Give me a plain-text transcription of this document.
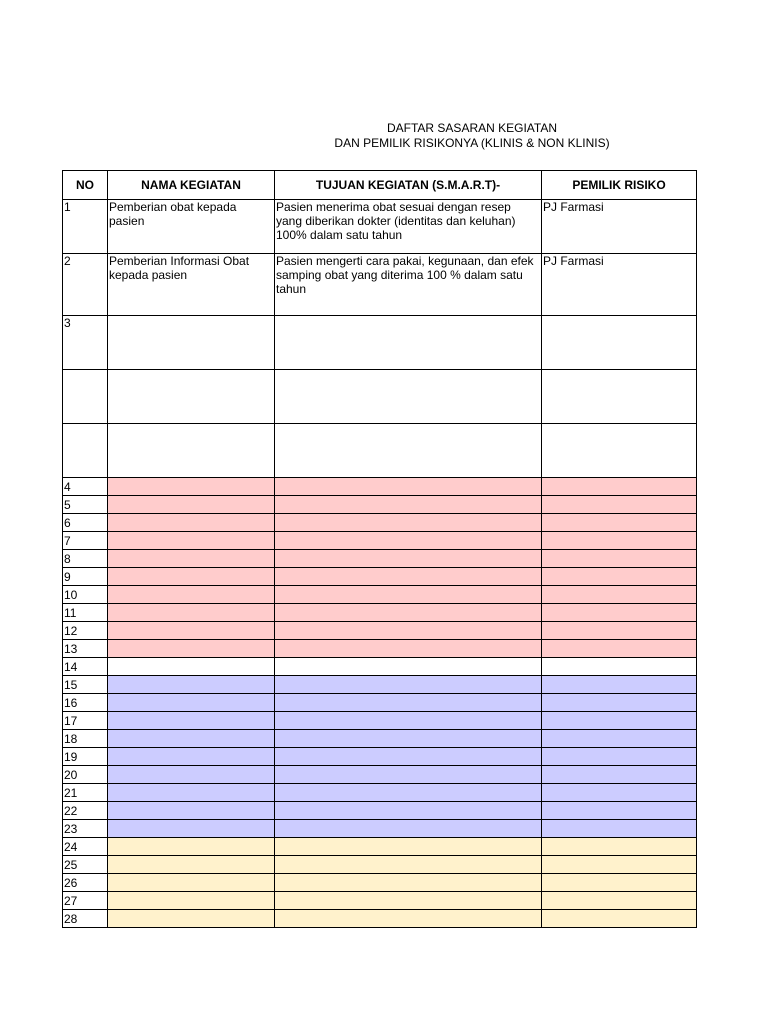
DAFTAR SASARAN KEGIATAN
DAN PEMILIK RISIKONYA (KLINIS & NON KLINIS)
NO	NAMA KEGIATAN	TUJUAN KEGIATAN (S.M.A.R.T)-	PEMILIK RISIKO
1	Pemberian obat kepada pasien	Pasien menerima obat sesuai dengan resep yang diberikan dokter (identitas dan keluhan) 100% dalam satu tahun	PJ Farmasi
2	Pemberian Informasi Obat kepada pasien	Pasien mengerti cara pakai, kegunaan, dan efek samping obat yang diterima 100 % dalam satu tahun	PJ Farmasi
3			

4			
5			
6			
7			
8			
9			
10			
11			
12			
13			
14			
15			
16			
17			
18			
19			
20			
21			
22			
23			
24			
25			
26			
27			
28			
